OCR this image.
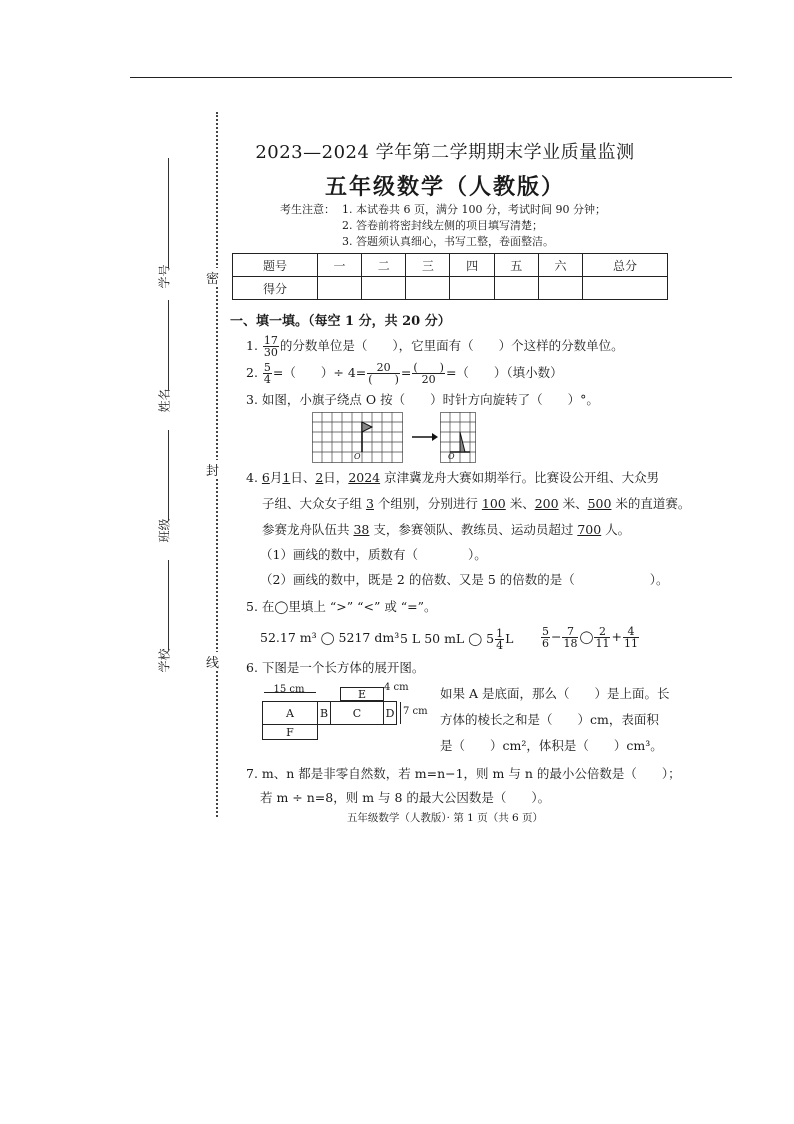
密
封
线
学号
姓名
班级
学校
2023—2024 学年第二学期期末学业质量监测
五年级数学（人教版）
考生注意： 1. 本试卷共 6 页，满分 100 分，考试时间 90 分钟；
2. 答卷前将密封线左侧的项目填写清楚；
3. 答题须认真细心，书写工整，卷面整洁。
题号	一	二	三	四	五	六	总分
得分							
一、填一填。（每空 1 分，共 20 分）
1. $\frac{17}{30}$ 的分数单位是（　　），它里面有（　　）个这样的分数单位。
2. $\frac{5}{4}$ =（　　）÷ $4= \frac{20}{( )} = \frac{( )}{20}$ =（　　）（填小数）
3. 如图，小旗子绕点 O 按（　　）时针方向旋转了（　　）°。
O	O
4. 6月1日、2日，2024 京津冀龙舟大赛如期举行。比赛设公开组、大众男
子组、大众女子组 3 个组别，分别进行 100 米、200 米、500 米的直道赛。
参赛龙舟队伍共 38 支，参赛领队、教练员、运动员超过 700 人。
（1）画线的数中，质数有（　　　　）。
（2）画线的数中，既是 2 的倍数、又是 5 的倍数的是（　　　　　　）。
5. 在◯里填上 “>” “<” 或 “=”。
52.17 m³ ◯ 5217 dm³ 5 L 50 mL ◯ $5 \frac{1}{4}$ L	$\frac{5}{6} - \frac{7}{18}$ ◯ $\frac{2}{11} + \frac{4}{11}$
6. 下图是一个长方体的展开图。
15 cm	4 cm
E
A	B	C	D 7 cm
F
如果 A 是底面，那么（　　）是上面。长
方体的棱长之和是（　　）cm，表面积
是（　　）cm²，体积是（　　）cm³。
7. m、n 都是非零自然数，若 m=n−1，则 m 与 n 的最小公倍数是（　　）；
若 m ÷ n=8，则 m 与 8 的最大公因数是（　　）。
五年级数学（人教版）· 第 1 页（共 6 页）
